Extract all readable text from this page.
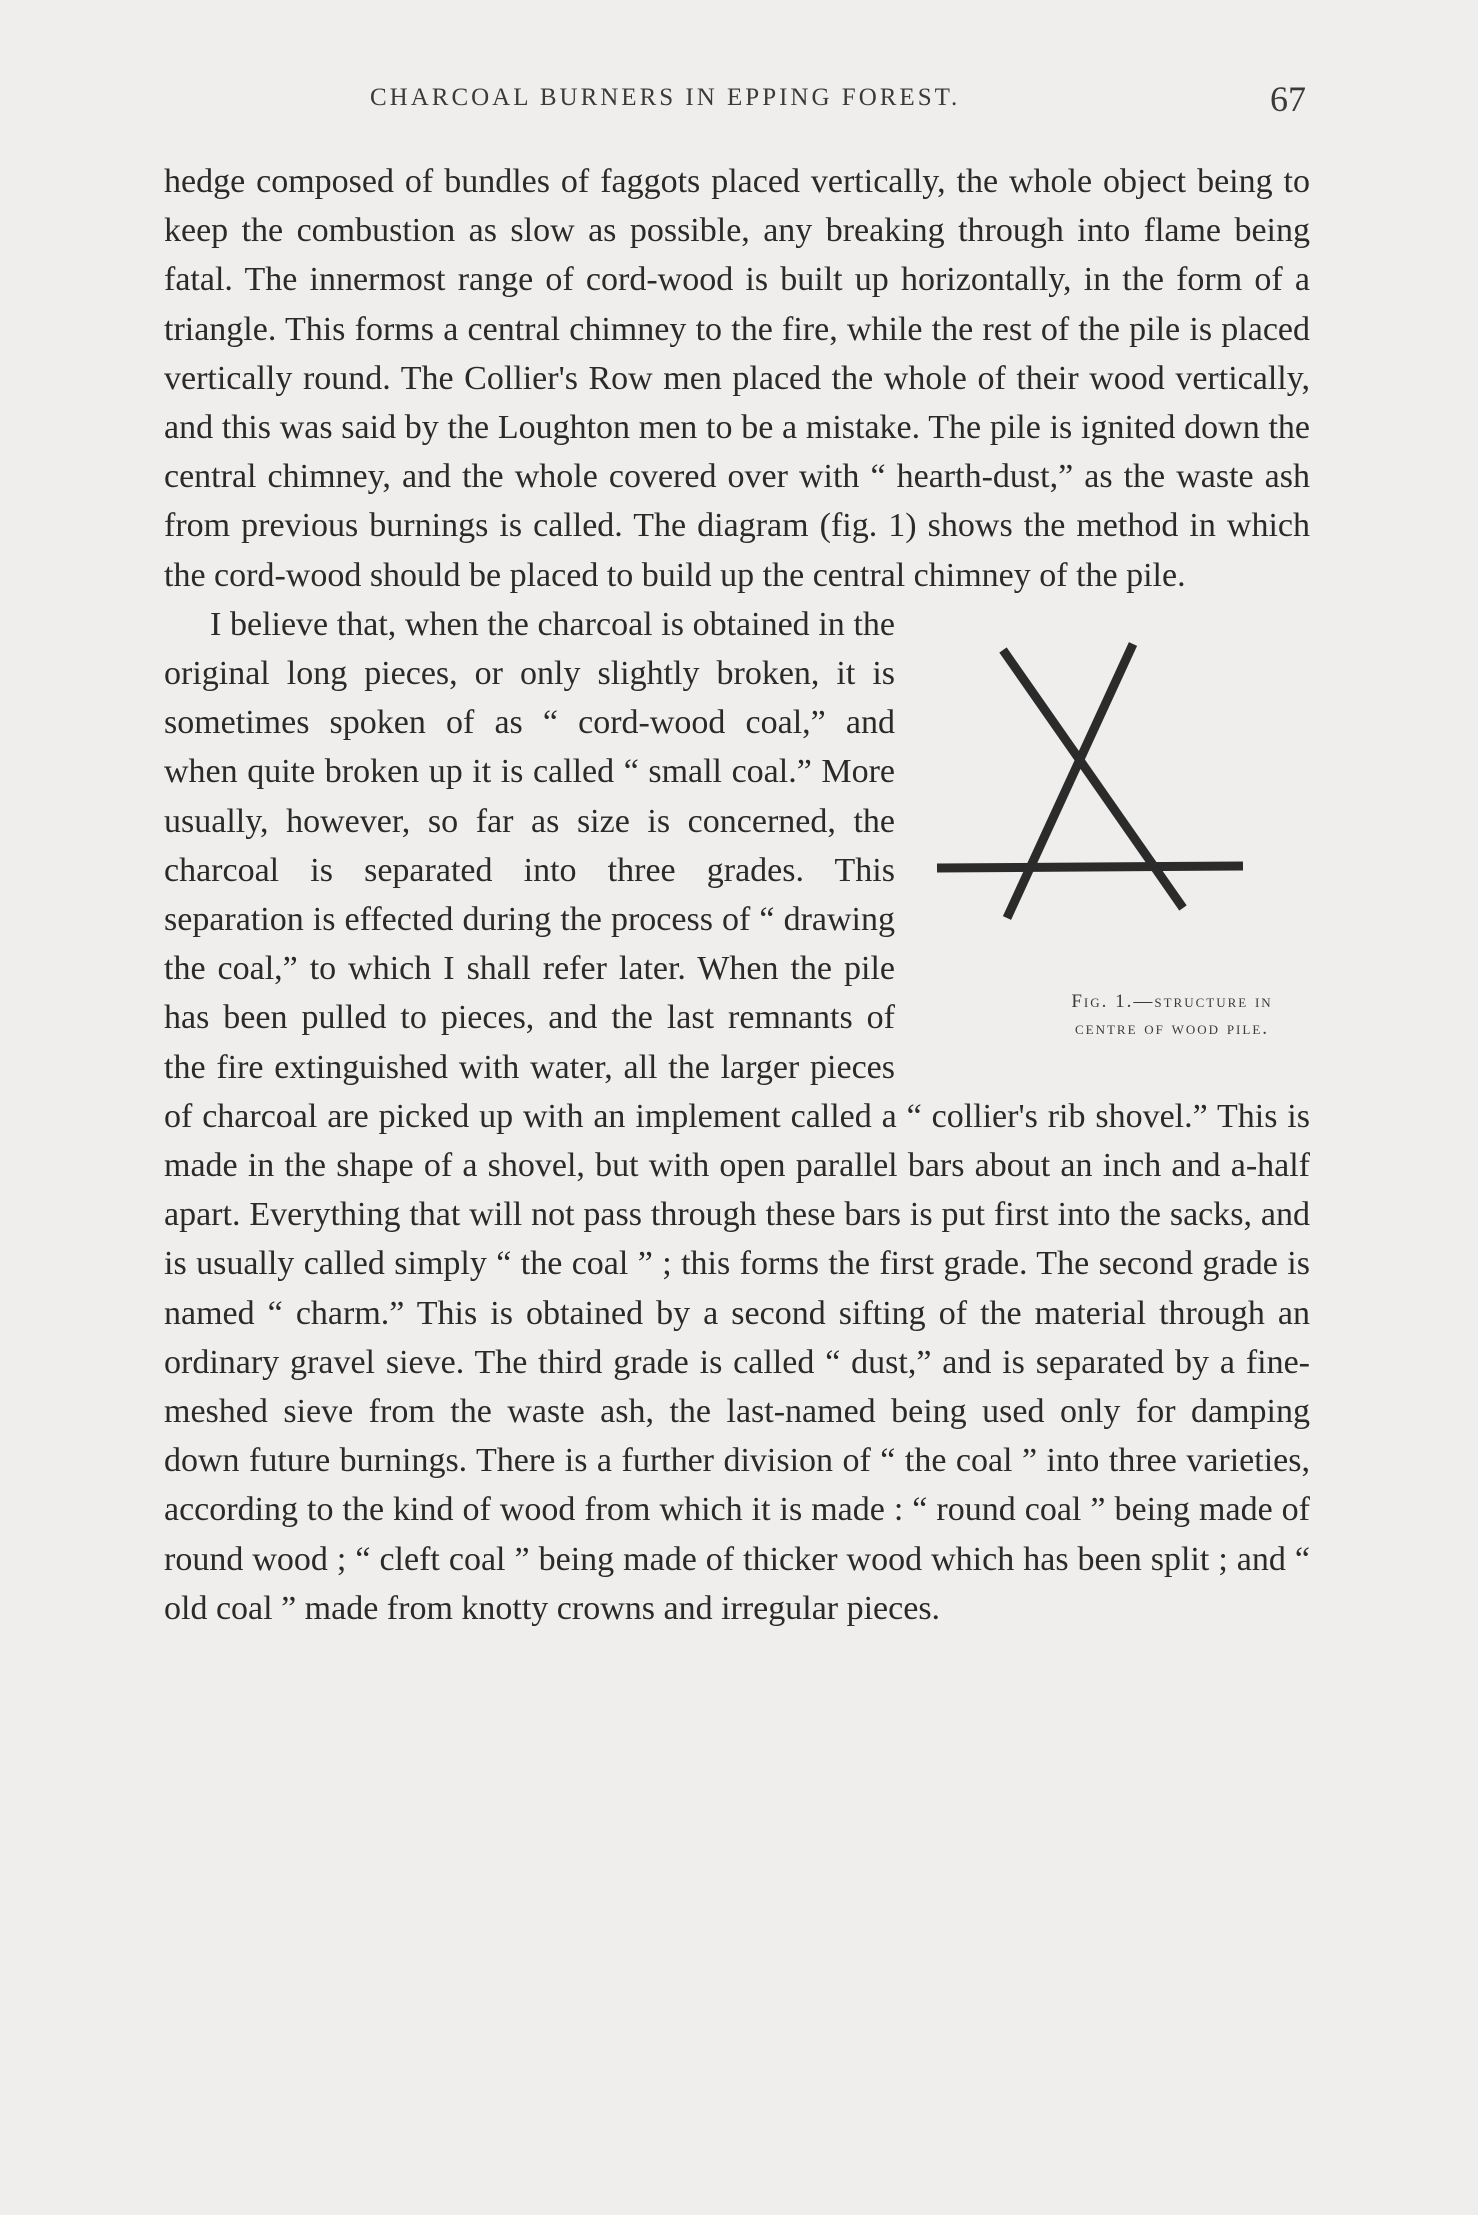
CHARCOAL BURNERS IN EPPING FOREST.	67

hedge composed of bundles of faggots placed vertically, the whole object being to keep the combustion as slow as possible, any breaking through into flame being fatal. The innermost range of cord-wood is built up horizontally, in the form of a triangle. This forms a central chimney to the fire, while the rest of the pile is placed vertically round. The Collier's Row men placed the whole of their wood vertically, and this was said by the Loughton men to be a mistake. The pile is ignited down the central chimney, and the whole covered over with “ hearth-dust,” as the waste ash from previous burnings is called. The diagram (fig. 1) shows the method in which the cord-wood should be placed to build up the central chimney of the pile.

Fig. 1.—structure in
centre of wood pile.
I believe that, when the charcoal is obtained in the original long pieces, or only slightly broken, it is sometimes spoken of as “ cord-wood coal,” and when quite broken up it is called “ small coal.” More usually, however, so far as size is concerned, the charcoal is separated into three grades. This separation is effected during the process of “ drawing the coal,” to which I shall refer later. When the pile has been pulled to pieces, and the last remnants of the fire extinguished with water, all the larger pieces of charcoal are picked up with an implement called a “ collier's rib shovel.” This is made in the shape of a shovel, but with open parallel bars about an inch and a-half apart. Everything that will not pass through these bars is put first into the sacks, and is usually called simply “ the coal ” ; this forms the first grade. The second grade is named “ charm.” This is obtained by a second sifting of the material through an ordinary gravel sieve. The third grade is called “ dust,” and is separated by a fine-meshed sieve from the waste ash, the last-named being used only for damping down future burnings. There is a further division of “ the coal ” into three varieties, according to the kind of wood from which it is made : “ round coal ” being made of round wood ; “ cleft coal ” being made of thicker wood which has been split ; and “ old coal ” made from knotty crowns and irregular pieces.
